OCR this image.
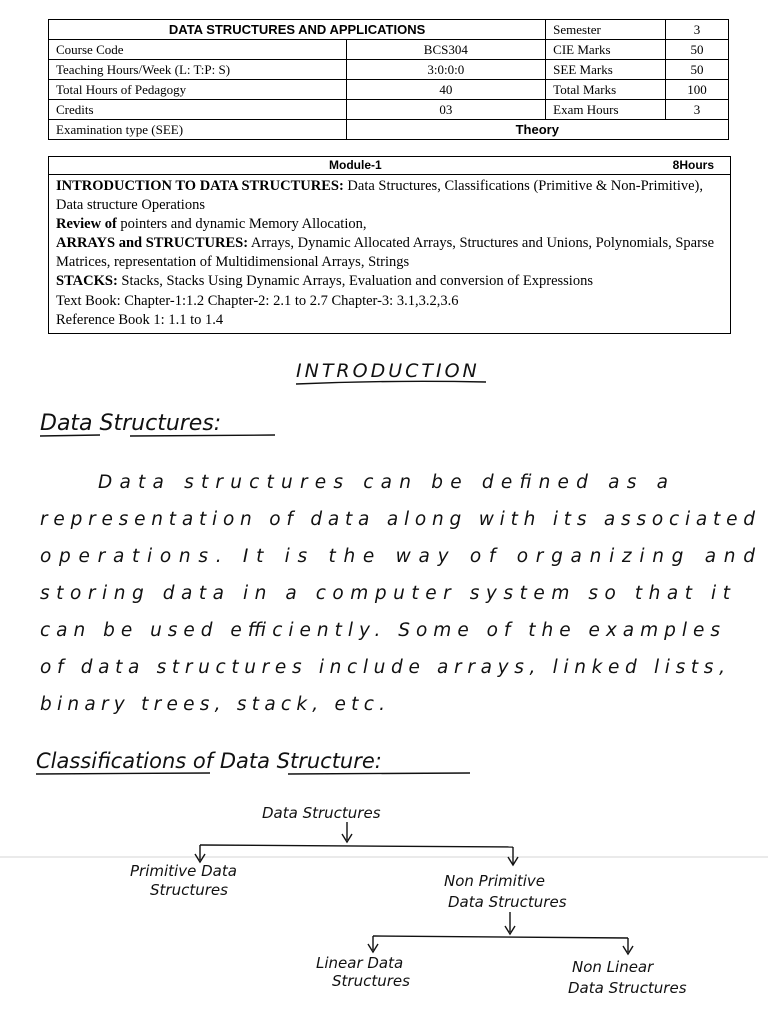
DATA STRUCTURES AND APPLICATIONS		Semester	3
Course Code	BCS304	CIE Marks	50
Teaching Hours/Week (L: T:P: S)	3:0:0:0	SEE Marks	50
Total Hours of Pedagogy	40	Total Marks	100
Credits	03	Exam Hours	3
Examination type (SEE)	Theory		
Module-1	8Hours
INTRODUCTION TO DATA STRUCTURES: Data Structures, Classifications (Primitive & Non-Primitive), Data structure Operations
Review of pointers and dynamic Memory Allocation,
ARRAYS and STRUCTURES: Arrays, Dynamic Allocated Arrays, Structures and Unions, Polynomials, Sparse Matrices, representation of Multidimensional Arrays, Strings
STACKS: Stacks, Stacks Using Dynamic Arrays, Evaluation and conversion of Expressions
Text Book: Chapter-1:1.2 Chapter-2: 2.1 to 2.7 Chapter-3: 3.1,3.2,3.6
Reference Book 1: 1.1 to 1.4
INTRODUCTION
Data Structures:
Data structures can be defined as a
representation of data along with its associated
operations. It is the way of organizing and
storing data in a computer system so that it
can be used efficiently. Some of the examples
of data structures include arrays, linked lists,
binary trees, stack, etc.
Classifications of Data Structure:
Data Structures
Primitive Data
Structures	Non Primitive
Data Structures
Linear Data
Structures
Non Linear
Data Structures
